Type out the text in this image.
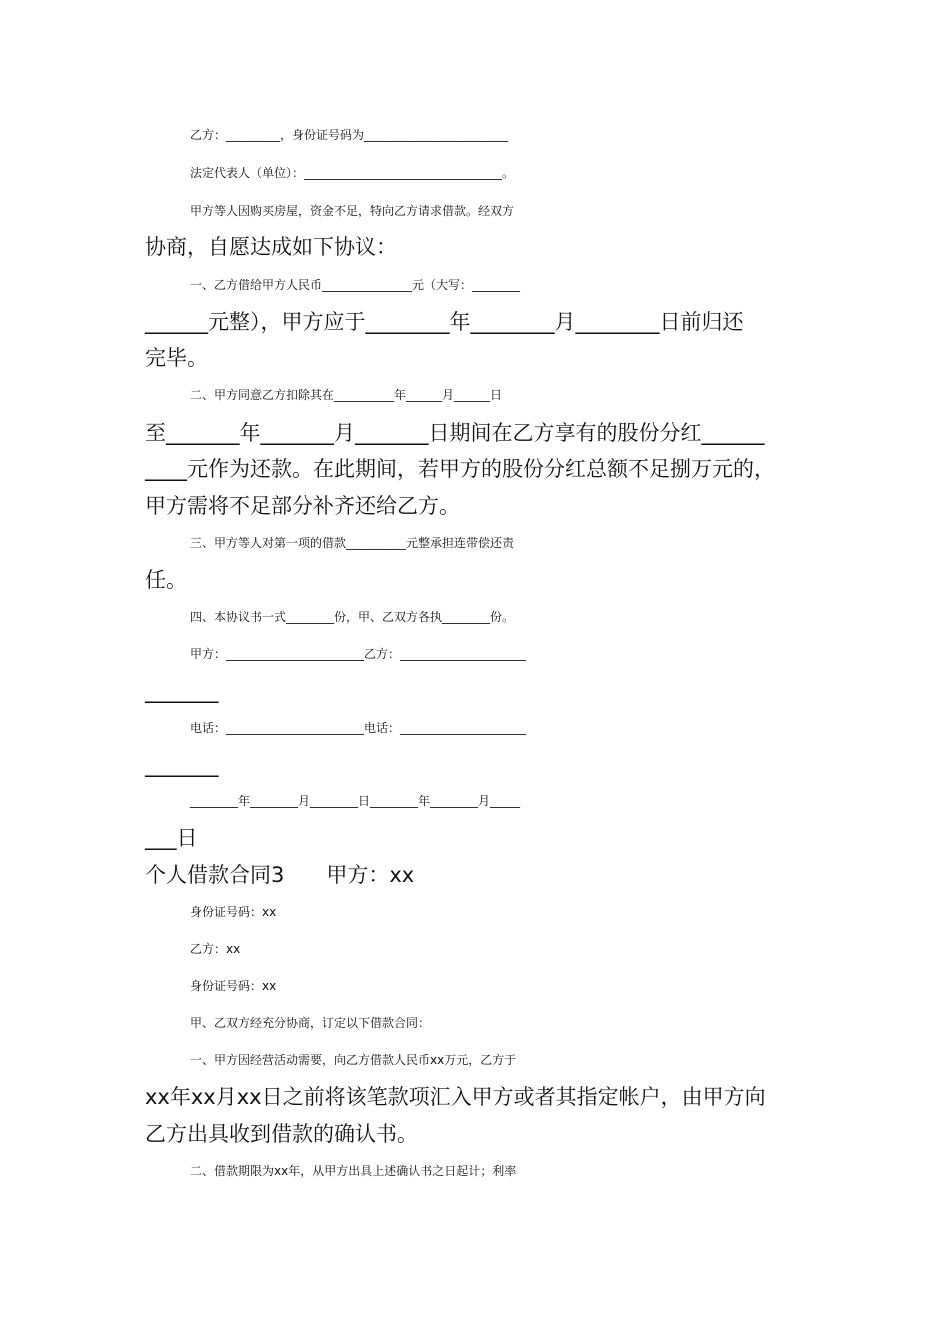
乙方：_________，身份证号码为________________________
法定代表人（单位）：_________________________________。
甲方等人因购买房屋，资金不足，特向乙方请求借款。经双方
协商，自愿达成如下协议：
一、乙方借给甲方人民币_______________元（大写：________
______元整），甲方应于________年________月________日前归还
完毕。
二、甲方同意乙方扣除其在__________年______月______日
至_______年_______月_______日期间在乙方享有的股份分红______
____元作为还款。在此期间，若甲方的股份分红总额不足捌万元的，
甲方需将不足部分补齐还给乙方。
三、甲方等人对第一项的借款__________元整承担连带偿还责
任。
四、本协议书一式________份，甲、乙双方各执________份。
甲方：_______________________乙方：_____________________
_______
电话：_______________________电话：_____________________
_______
________年________月________日________年________月_____
___日
个人借款合同3　　甲方：xx
身份证号码：xx
乙方：xx
身份证号码：xx
甲、乙双方经充分协商，订定以下借款合同：
一、甲方因经营活动需要，向乙方借款人民币xx万元，乙方于
xx年xx月xx日之前将该笔款项汇入甲方或者其指定帐户，由甲方向
乙方出具收到借款的确认书。
二、借款期限为xx年，从甲方出具上述确认书之日起计；利率
